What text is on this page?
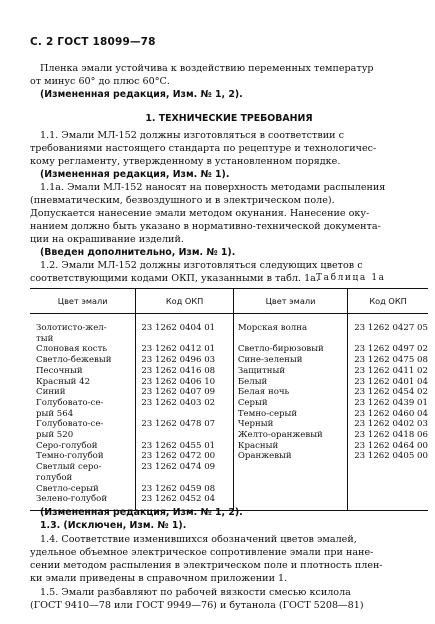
С. 2 ГОСТ 18099—78
Пленка эмали устойчива к воздействию переменных температур
от минус 60° до плюс 60°С.
(Измененная редакция, Изм. № 1, 2).
1. ТЕХНИЧЕСКИЕ ТРЕБОВАНИЯ
1.1. Эмали МЛ-152 должны изготовляться в соответствии с
требованиями настоящего стандарта по рецептуре и технологичес-
кому регламенту, утвержденному в установленном порядке.
(Измененная редакция, Изм. № 1).
1.1а. Эмали МЛ-152 наносят на поверхность методами распыления
(пневматическим, безвоздушного и в электрическом поле).
Допускается нанесение эмали методом окунания. Нанесение оку-
нанием должно быть указано в нормативно-технической документа-
ции на окрашивание изделий.
(Введен дополнительно, Изм. № 1).
1.2. Эмали МЛ-152 должны изготовляться следующих цветов с
соответствующими кодами ОКП, указанными в табл. 1а.
Таблица 1а
Цвет эмали	Код ОКП	Цвет эмали	Код ОКП
Золотисто-жел-	23 1262 0404 01	Морская волна	23 1262 0427 05
тый			
Слоновая кость	23 1262 0412 01	Светло-бирюзовый	23 1262 0497 02
Светло-бежевый	23 1262 0496 03	Сине-зеленый	23 1262 0475 08
Песочный	23 1262 0416 08	Защитный	23 1262 0411 02
Красный 42	23 1262 0406 10	Белый	23 1262 0401 04
Синий	23 1262 0407 09	Белая ночь	23 1262 0454 02
Голубовато-се-	23 1262 0403 02	Серый	23 1262 0439 01
рый 564		Темно-серый	23 1262 0460 04
Голубовато-се-	23 1262 0478 07	Черный	23 1262 0402 03
рый 520		Желто-оранжевый	23 1262 0418 06
Серо-голубой	23 1262 0455 01	Красный	23 1262 0464 00
Темно-голубой	23 1262 0472 00	Оранжевый	23 1262 0405 00
Светлый серо-	23 1262 0474 09		
голубой			
Светло-серый	23 1262 0459 08		
Зелено-голубой	23 1262 0452 04		

(Измененная редакция, Изм. № 1, 2).
1.3. (Исключен, Изм. № 1).
1.4. Соответствие изменившихся обозначений цветов эмалей,
удельное объемное электрическое сопротивление эмали при нане-
сении методом распыления в электрическом поле и плотность плен-
ки эмали приведены в справочном приложении 1.
1.5. Эмали разбавляют по рабочей вязкости смесью ксилола
(ГОСТ 9410—78 или ГОСТ 9949—76) и бутанола (ГОСТ 5208—81)
